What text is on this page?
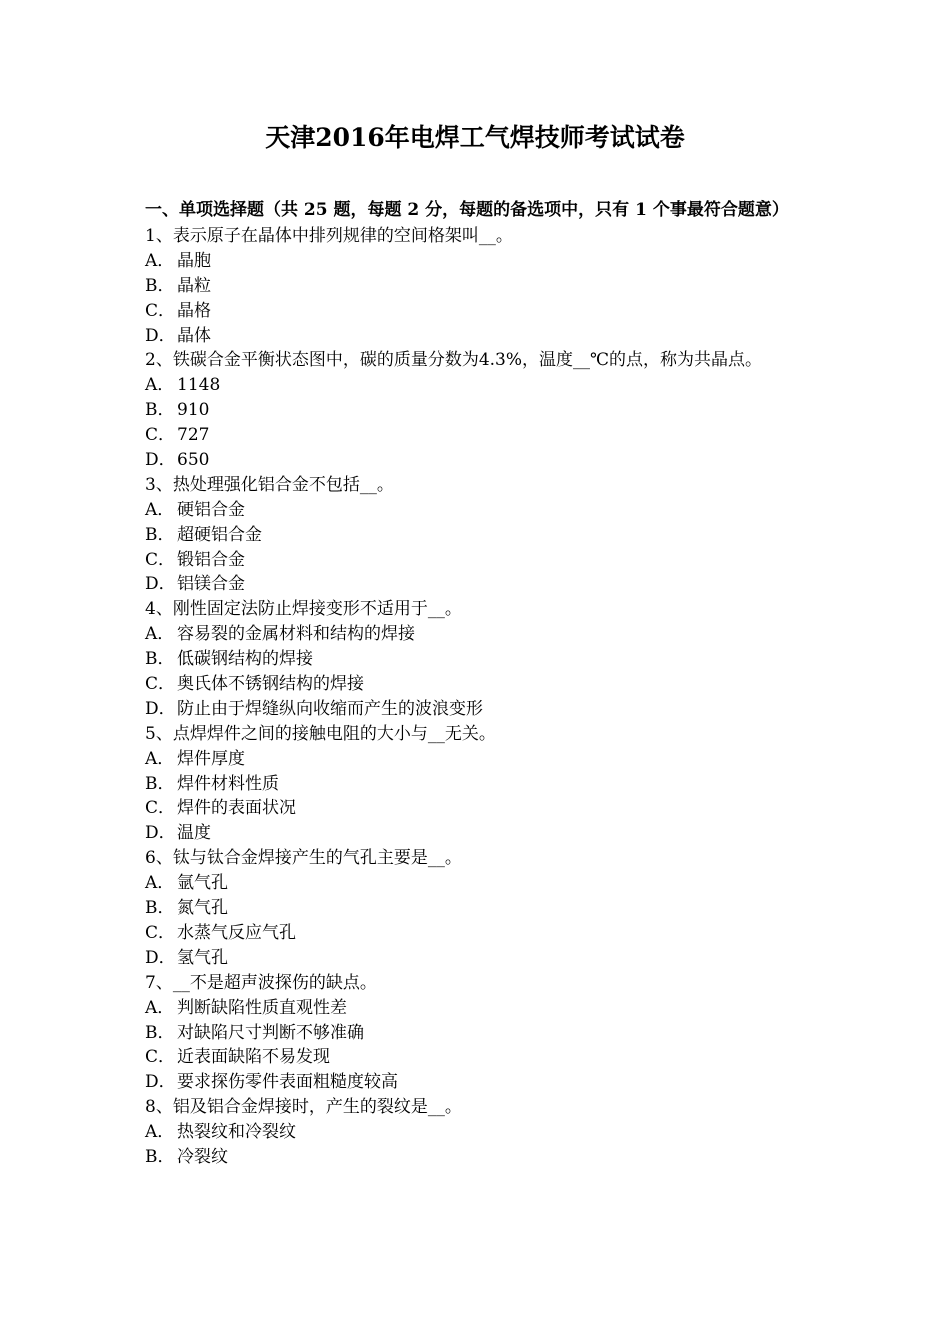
天津2016年电焊工气焊技师考试试卷
一、单项选择题（共 25 题，每题 2 分，每题的备选项中，只有 1 个事最符合题意）
1、表示原子在晶体中排列规律的空间格架叫__。
A． 晶胞
B． 晶粒
C． 晶格
D．晶体
2、铁碳合金平衡状态图中，碳的质量分数为4.3%，温度__℃的点，称为共晶点。
A． 1148
B． 910
C． 727
D．650
3、热处理强化铝合金不包括__。
A． 硬铝合金
B． 超硬铝合金
C． 锻铝合金
D．铝镁合金
4、刚性固定法防止焊接变形不适用于__。
A． 容易裂的金属材料和结构的焊接
B． 低碳钢结构的焊接
C． 奥氏体不锈钢结构的焊接
D．防止由于焊缝纵向收缩而产生的波浪变形
5、点焊焊件之间的接触电阻的大小与__无关。
A． 焊件厚度
B． 焊件材料性质
C． 焊件的表面状况
D．温度
6、钛与钛合金焊接产生的气孔主要是__。
A． 氩气孔
B． 氮气孔
C． 水蒸气反应气孔
D．氢气孔
7、__不是超声波探伤的缺点。
A． 判断缺陷性质直观性差
B． 对缺陷尺寸判断不够准确
C． 近表面缺陷不易发现
D．要求探伤零件表面粗糙度较高
8、铝及铝合金焊接时，产生的裂纹是__。
A． 热裂纹和冷裂纹
B． 冷裂纹
